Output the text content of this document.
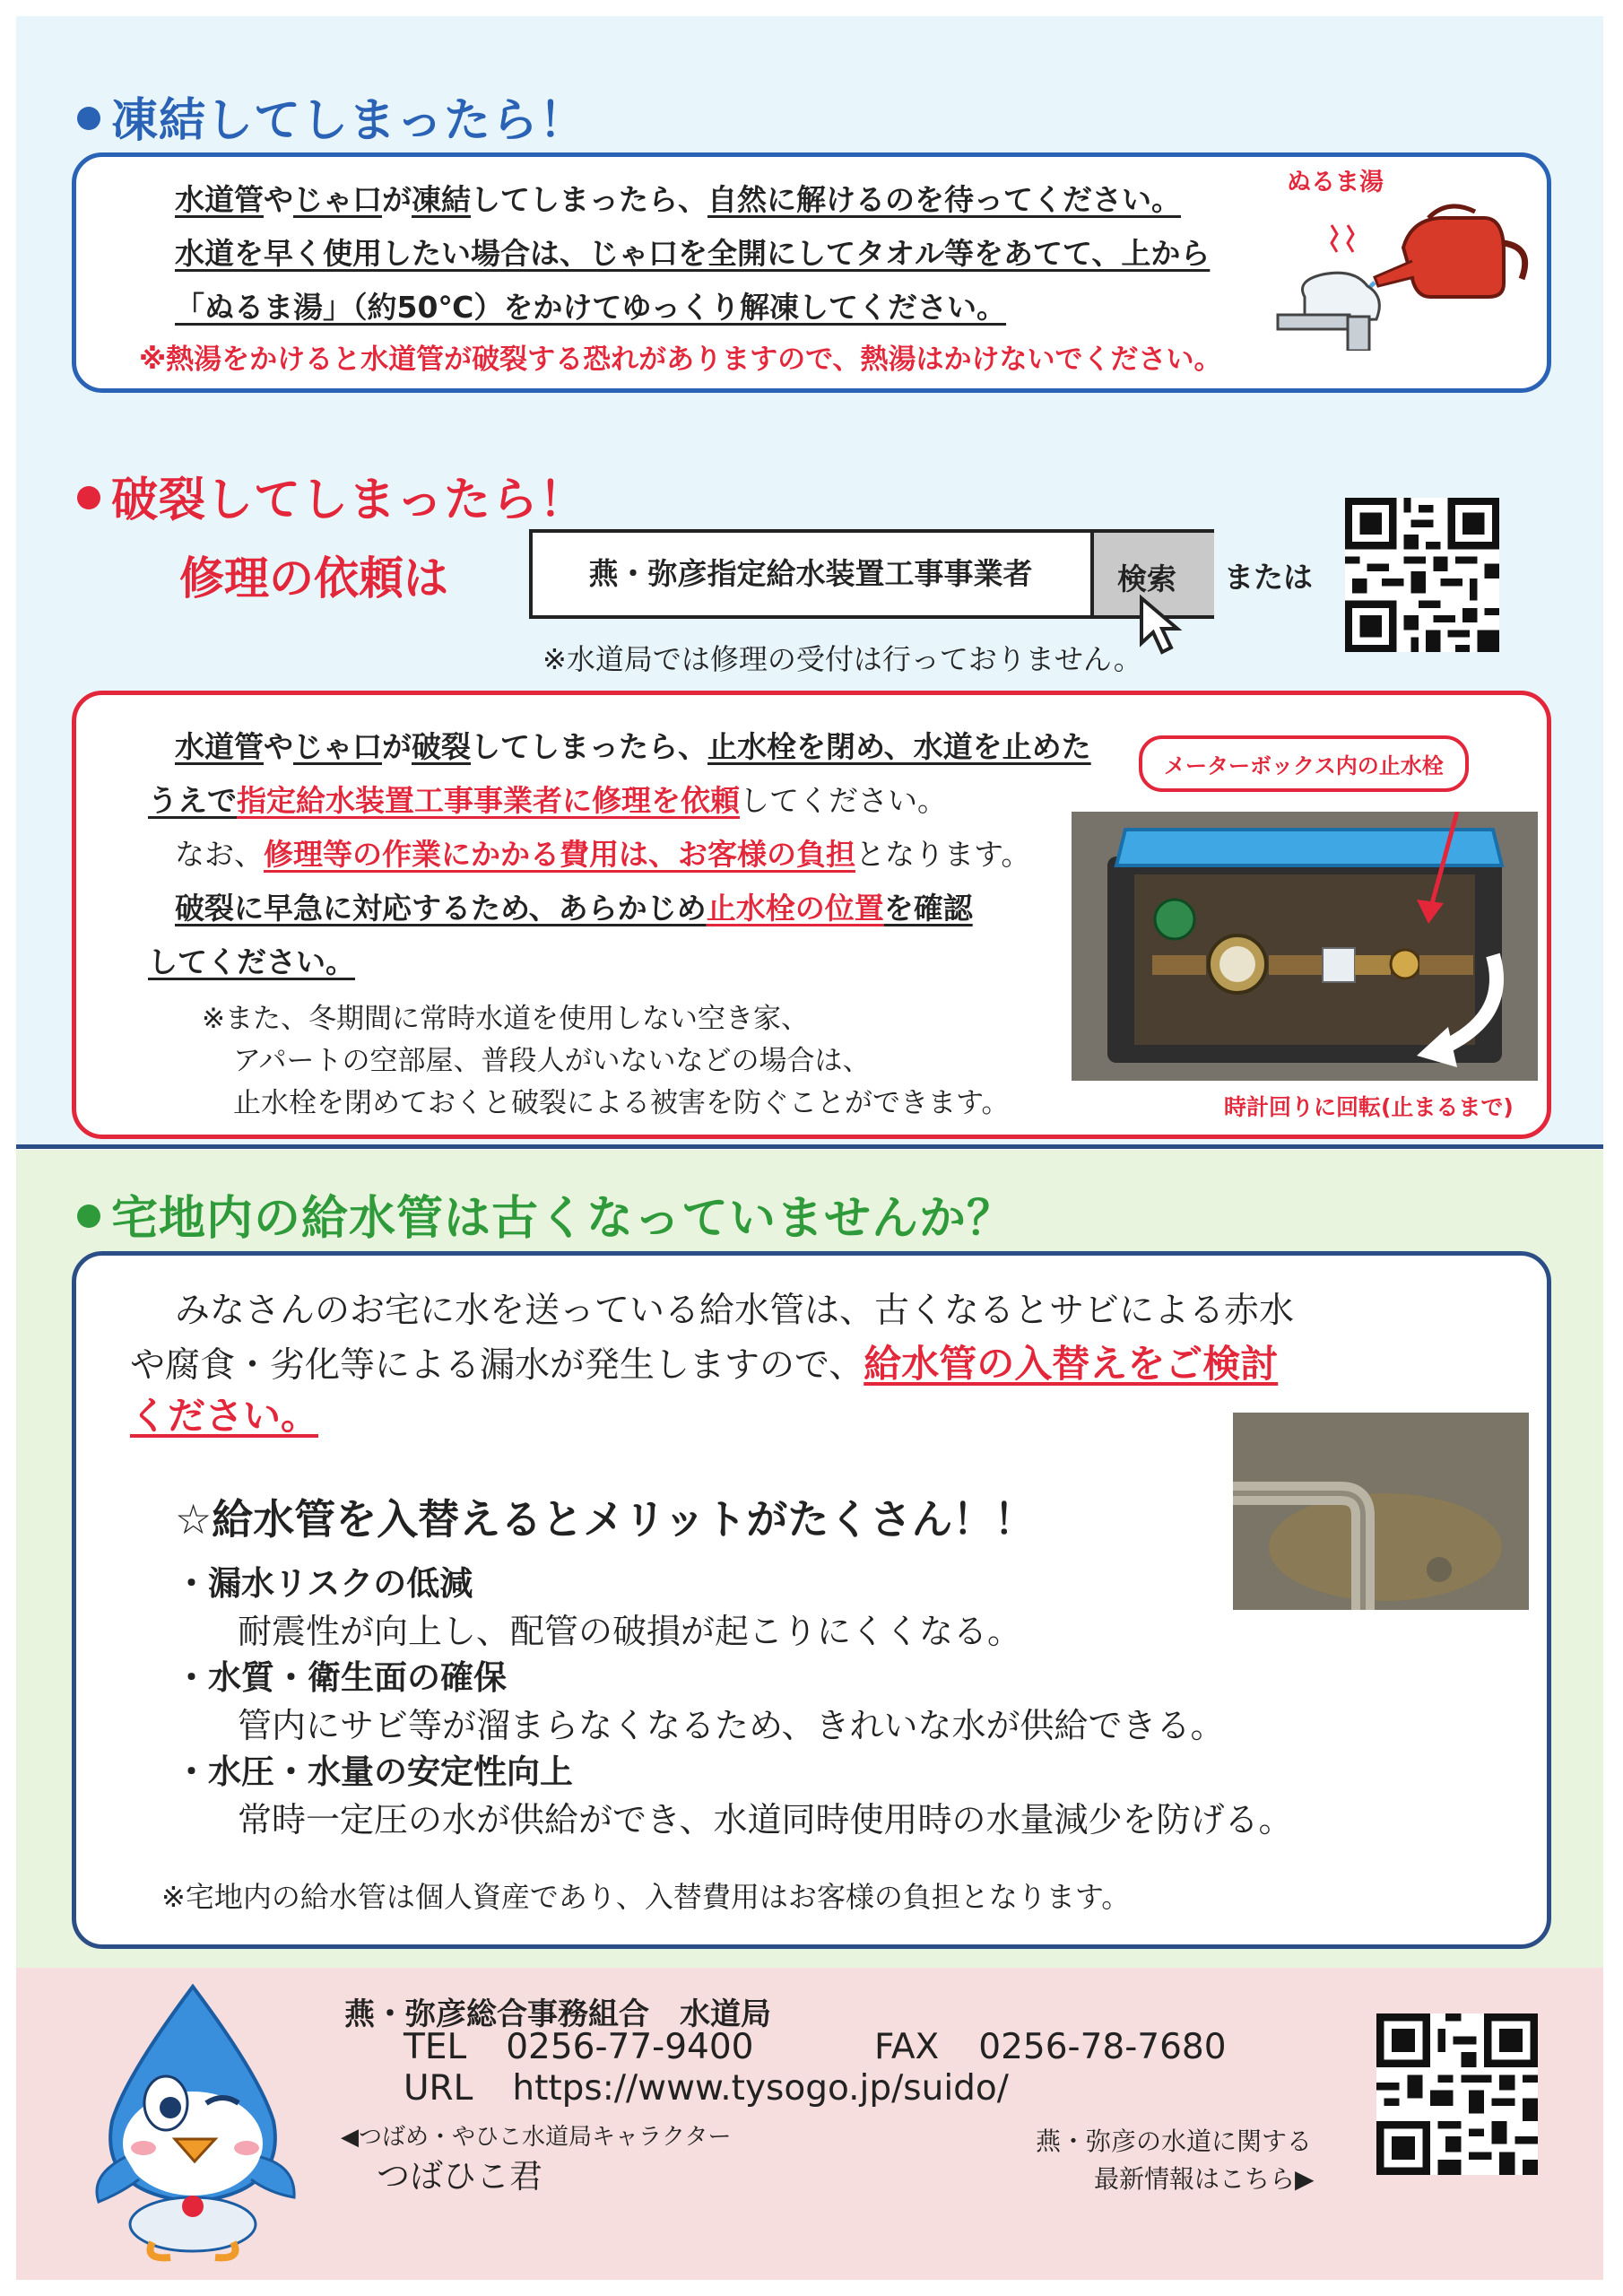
凍結してしまったら！
水道管やじゃ口が凍結してしまったら、自然に解けるのを待ってください。
水道を早く使用したい場合は、じゃ口を全開にしてタオル等をあてて、上から
「ぬるま湯」（約50℃）をかけてゆっくり解凍してください。
※熱湯をかけると水道管が破裂する恐れがありますので、熱湯はかけないでください。
ぬるま湯
破裂してしまったら！
修理の依頼は	燕・弥彦指定給水装置工事事業者	検索 または
※水道局では修理の受付は行っておりません。
水道管やじゃ口が破裂してしまったら、止水栓を閉め、水道を止めた
うえで指定給水装置工事事業者に修理を依頼してください。
なお、修理等の作業にかかる費用は、お客様の負担となります。
破裂に早急に対応するため、あらかじめ止水栓の位置を確認
してください。
※また、冬期間に常時水道を使用しない空き家、
アパートの空部屋、普段人がいないなどの場合は、
止水栓を閉めておくと破裂による被害を防ぐことができます。
メーターボックス内の止水栓
時計回りに回転(止まるまで)
宅地内の給水管は古くなっていませんか？
みなさんのお宅に水を送っている給水管は、古くなるとサビによる赤水
や腐食・劣化等による漏水が発生しますので、給水管の入替えをご検討
ください。
☆給水管を入替えるとメリットがたくさん！！
・漏水リスクの低減
耐震性が向上し、配管の破損が起こりにくくなる。
・水質・衛生面の確保
管内にサビ等が溜まらなくなるため、きれいな水が供給できる。
・水圧・水量の安定性向上
常時一定圧の水が供給ができ、水道同時使用時の水量減少を防げる。
※宅地内の給水管は個人資産であり、入替費用はお客様の負担となります。
燕・弥彦総合事務組合　水道局
TEL 0256-77-9400	FAX 0256-78-7680
URL https://www.tysogo.jp/suido/
◀つばめ・やひこ水道局キャラクター
つばひこ君
燕・弥彦の水道に関する
最新情報はこちら▶
